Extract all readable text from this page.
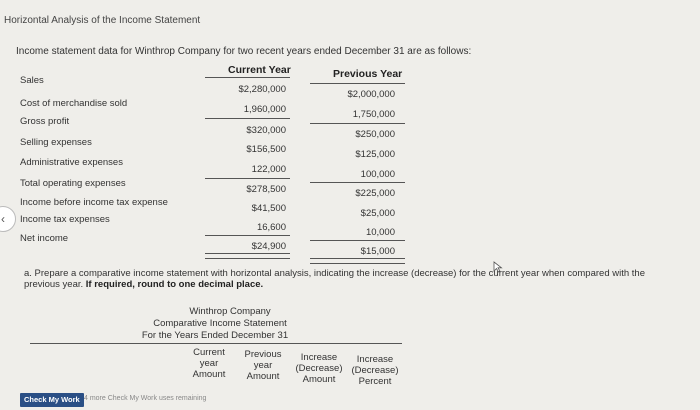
Horizontal Analysis of the Income Statement
Income statement data for Winthrop Company for two recent years ended December 31 are as follows:
Current Year	Previous Year
Sales
Cost of merchandise sold
Gross profit
Selling expenses
Administrative expenses
Total operating expenses
Income before income tax expense
Income tax expenses
Net income
$2,280,000
1,960,000
$320,000
$156,500
122,000
$278,500
$41,500
16,600
$24,900
$2,000,000
1,750,000
$250,000
$125,000
100,000
$225,000
$25,000
10,000
$15,000
a. Prepare a comparative income statement with horizontal analysis, indicating the increase (decrease) for the current year when compared with the previous year. If required, round to one decimal place.
Winthrop Company
Comparative Income Statement
For the Years Ended December 31
Current
year
Amount
Previous
year
Amount
Increase
(Decrease)
Amount
Increase
(Decrease)
Percent
‹
Check My Work 4 more Check My Work uses remaining
